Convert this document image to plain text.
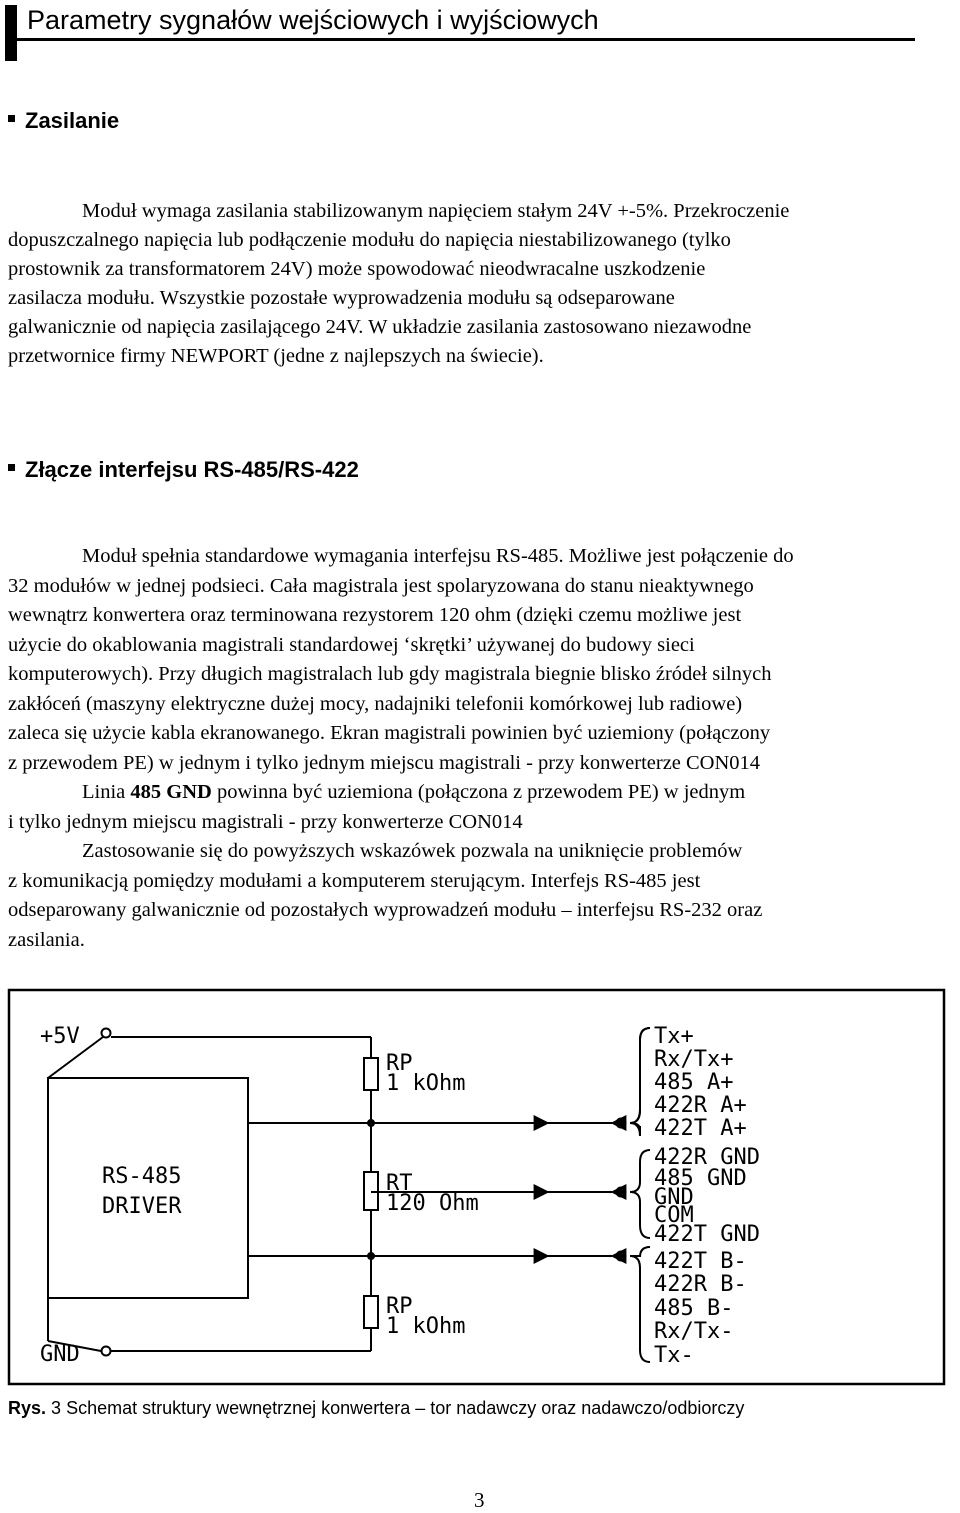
Parametry sygnałów wejściowych i wyjściowych
Zasilanie
Moduł wymaga zasilania stabilizowanym napięciem stałym 24V +-5%. Przekroczenie
dopuszczalnego napięcia lub podłączenie modułu do napięcia niestabilizowanego (tylko
prostownik za transformatorem 24V) może spowodować nieodwracalne uszkodzenie
zasilacza modułu. Wszystkie pozostałe wyprowadzenia modułu są odseparowane
galwanicznie od napięcia zasilającego 24V. W układzie zasilania zastosowano niezawodne
przetwornice firmy NEWPORT (jedne z najlepszych na świecie).
Złącze interfejsu RS-485/RS-422
Moduł spełnia standardowe wymagania interfejsu RS-485. Możliwe jest połączenie do
32 modułów w jednej podsieci. Cała magistrala jest spolaryzowana do stanu nieaktywnego
wewnątrz konwertera oraz terminowana rezystorem 120 ohm (dzięki czemu możliwe jest
użycie do okablowania magistrali standardowej ‘skrętki’ używanej do budowy sieci
komputerowych). Przy długich magistralach lub gdy magistrala biegnie blisko źródeł silnych
zakłóceń (maszyny elektryczne dużej mocy, nadajniki telefonii komórkowej lub radiowe)
zaleca się użycie kabla ekranowanego. Ekran magistrali powinien być uziemiony (połączony
z przewodem PE) w jednym i tylko jednym miejscu magistrali - przy konwerterze CON014
Linia 485 GND powinna być uziemiona (połączona z przewodem PE) w jednym
i tylko jednym miejscu magistrali - przy konwerterze CON014
Zastosowanie się do powyższych wskazówek pozwala na uniknięcie problemów
z komunikacją pomiędzy modułami a komputerem sterującym. Interfejs RS-485 jest
odseparowany galwanicznie od pozostałych wyprowadzeń modułu – interfejsu RS-232 oraz
zasilania.
+5V
GND
RS-485
DRIVER
RP
1 kOhm
RT
120 Ohm
RP
1 kOhm
Tx+
Rx/Tx+
485 A+
422R A+
422T A+
422R GND
485 GND
GND
COM
422T GND
422T B-
422R B-
485 B-
Rx/Tx-
Tx-
Rys. 3 Schemat struktury wewnętrznej konwertera – tor nadawczy oraz nadawczo/odbiorczy
3
